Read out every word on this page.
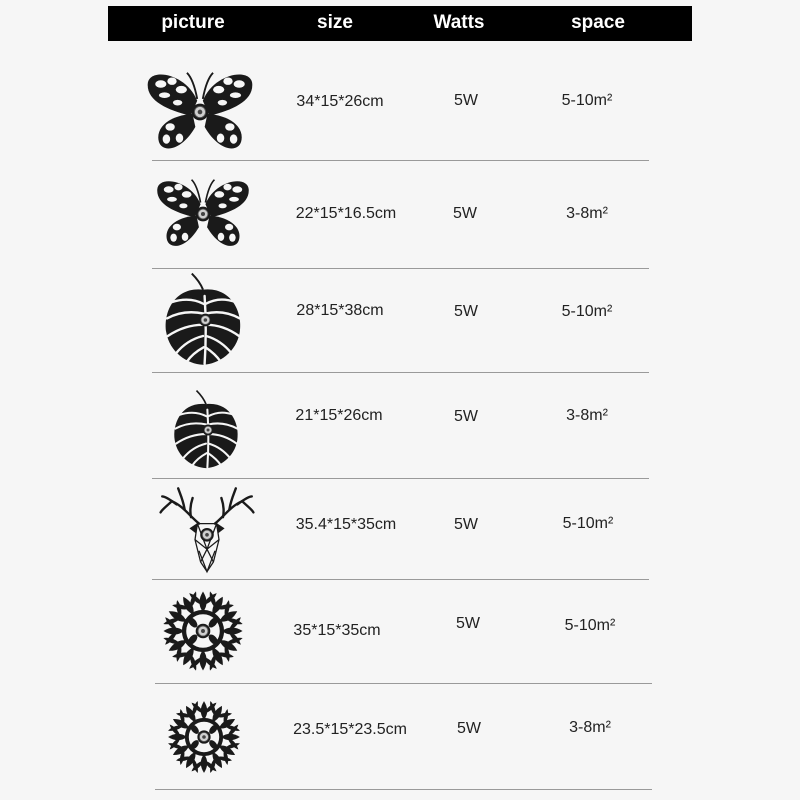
picture	size	Watts	space
34*15*26cm	5W	5-10m²
22*15*16.5cm	5W	3-8m²
28*15*38cm	5W	5-10m²
21*15*26cm	5W	3-8m²
35.4*15*35cm	5W	5-10m²
35*15*35cm	5W	5-10m²
23.5*15*23.5cm	5W	3-8m²
